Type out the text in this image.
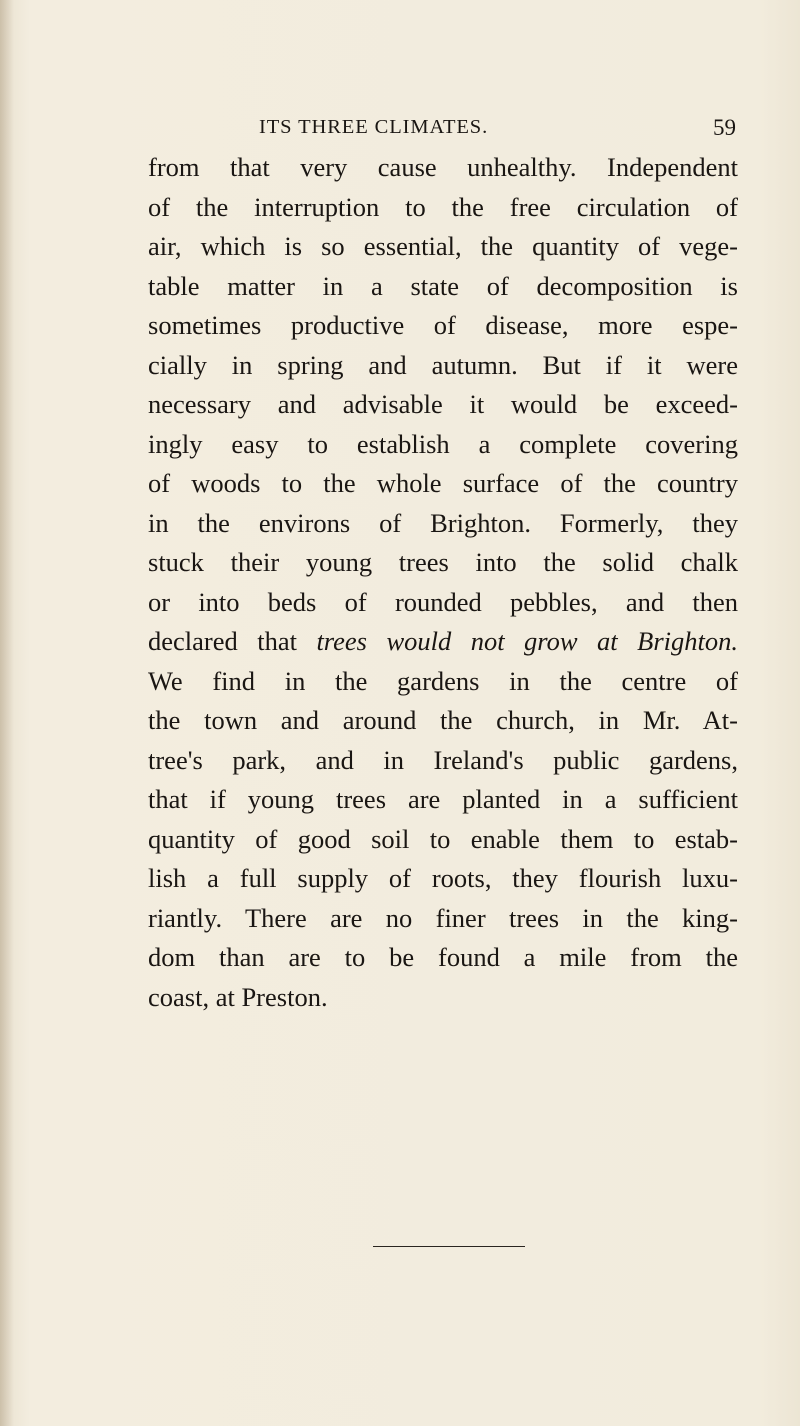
ITS THREE CLIMATES.	59
from that very cause unhealthy. Independent
of the interruption to the free circulation of
air, which is so essential, the quantity of vege-
table matter in a state of decomposition is
sometimes productive of disease, more espe-
cially in spring and autumn. But if it were
necessary and advisable it would be exceed-
ingly easy to establish a complete covering
of woods to the whole surface of the country
in the environs of Brighton. Formerly, they
stuck their young trees into the solid chalk
or into beds of rounded pebbles, and then
declared that trees would not grow at Brighton.
We find in the gardens in the centre of
the town and around the church, in Mr. At-
tree's park, and in Ireland's public gardens,
that if young trees are planted in a sufficient
quantity of good soil to enable them to estab-
lish a full supply of roots, they flourish luxu-
riantly. There are no finer trees in the king-
dom than are to be found a mile from the
coast, at Preston.
